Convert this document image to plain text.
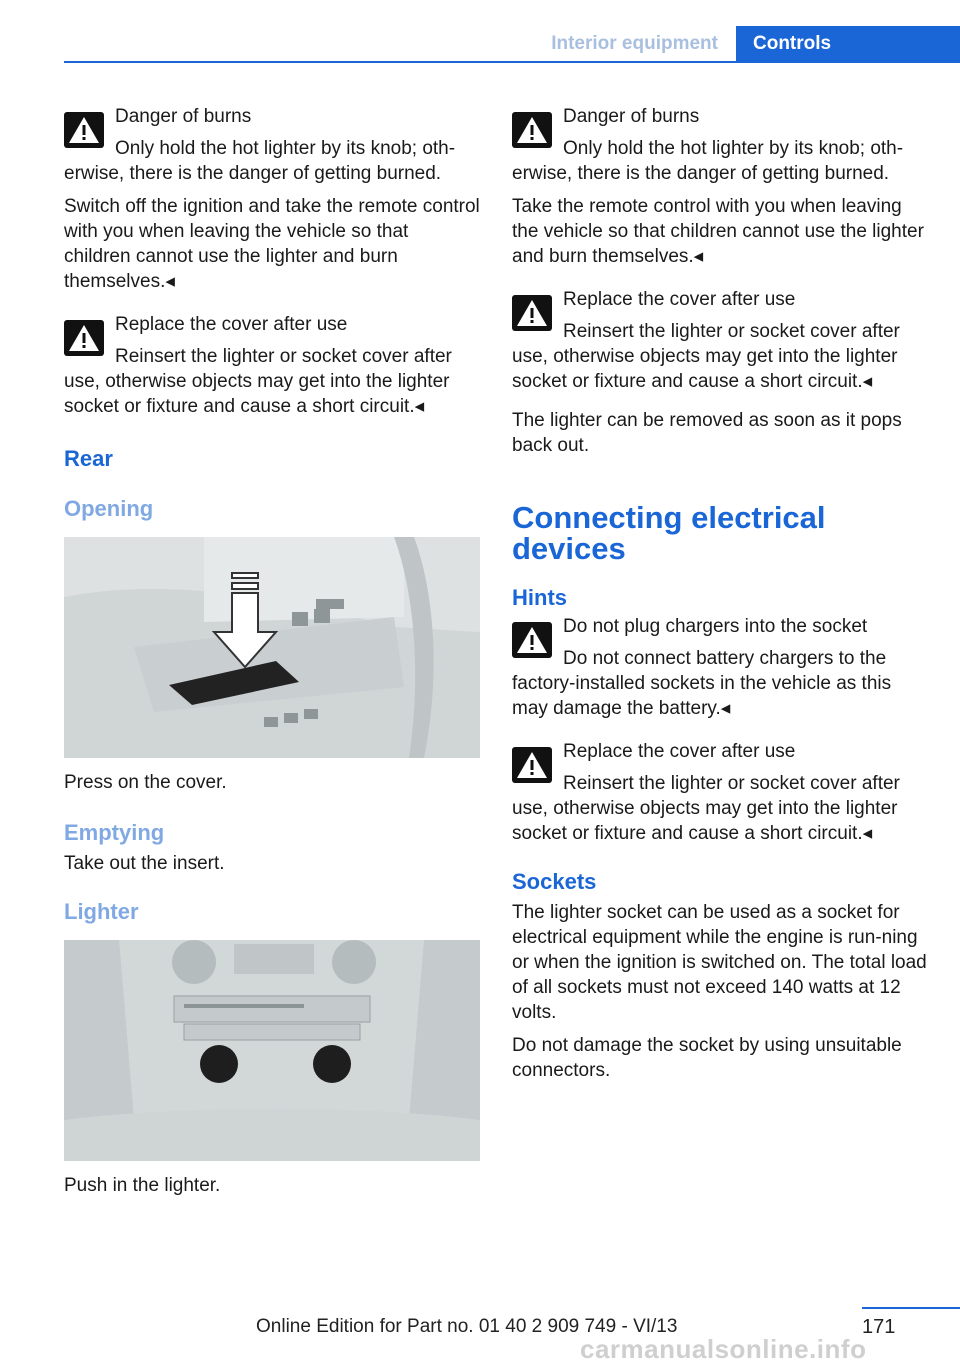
Interior equipment	Controls
Danger of burns

Only hold the hot lighter by its knob; oth-

erwise, there is the danger of getting burned.

Switch off the ignition and take the remote control with you when leaving the vehicle so that children cannot use the lighter and burn themselves.◂

Replace the cover after use

Reinsert the lighter or socket cover after

use, otherwise objects may get into the lighter socket or fixture and cause a short circuit.◂

Rear
Opening

Press on the cover.

Emptying

Take out the insert.

Lighter

Push in the lighter.

Danger of burns

Only hold the hot lighter by its knob; oth-

erwise, there is the danger of getting burned.

Take the remote control with you when leaving the vehicle so that children cannot use the lighter and burn themselves.◂

Replace the cover after use

Reinsert the lighter or socket cover after

use, otherwise objects may get into the lighter socket or fixture and cause a short circuit.◂

The lighter can be removed as soon as it pops back out.

Connecting electrical devices
Hints
Do not plug chargers into the socket

Do not connect battery chargers to the

factory-installed sockets in the vehicle as this may damage the battery.◂

Replace the cover after use

Reinsert the lighter or socket cover after

use, otherwise objects may get into the lighter socket or fixture and cause a short circuit.◂

Sockets

The lighter socket can be used as a socket for electrical equipment while the engine is run-ning or when the ignition is switched on. The total load of all sockets must not exceed 140 watts at 12 volts.

Do not damage the socket by using unsuitable connectors.

171
Online Edition for Part no. 01 40 2 909 749 - VI/13
carmanualsonline.info
